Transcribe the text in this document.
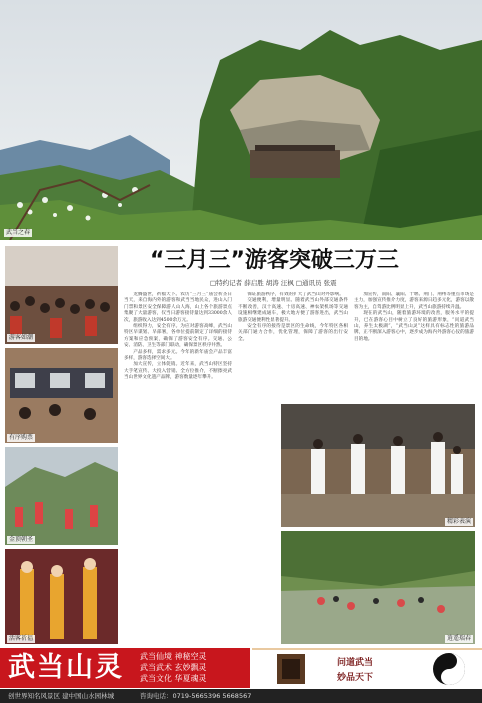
武当之春
游客如潮
有序购票
金顶朝圣
活客祈福
“三月三”游客突破三万三
□特约记者 薛启胜 胡涛 汪枫 □通讯员 张震

龙腾盛世，祈福天下。农历“三月三”庙会祈圣日当天，来自海内外的游客和武当当地民众，进山入门门票和景区安全保障游人山人海，山上各个旅游景点集聚了大量游客，仅当日游客接待量达到33000余人次，旅游收入达到4500余万元。

组织得力，安全有序。为应对游客高峰，武当山特区早谋划、早部署，各单位提前制定了详细的接待方案和应急预案，确保了游客安全有序。交通、公安、消防、卫生等部门联动，确保景区秩序井然。

产品多样，需求多元。今年的新年庙会产品丰富多样，游客选择空间大。

加大宣传，立体促销。近年来，武当山特区坚持大手笔宣传、大投入营销、全方位推介，不断擦亮武当山世界文化遗产品牌，游客数量逐年攀升。

保证旅游秩序，有效的扩大了武当山对外影响。

交通便利，增量明显。随着武当山外部交通条件不断改善，汉十高速、十房高速、神农架机场等交通设施相继建成通车，极大地方便了游客进出，武当山旅游交通便利性显著提升。

安全有序的接待是景区的生命线，今年特区各相关部门通力合作，优化管理，保障了游客的出行安全。

加宣传，南阳、襄阳、十堰、荆门、荆州等重点市场是主力，加强宣传推介力度，游客来源日趋多元化，游客以散客为主，自驾游比例明显上升，武当山旅游持续升温。

现在的武当山，随着旅游环境的改善，服务水平的提升，已在游客心目中树立了良好的旅游形象，“问道武当山，养生太极湖”，“武当山灵”这样具有标志性的旅游品牌，正不断深入游客心中，逐步成为海内外游客心仪的旅游目的地。

精彩表演
逍遥瑞春
武当山灵 武当仙境 神秘空灵
武当武术 玄妙飘灵
武当文化 华夏魂灵
问道武当
妙品天下
创世界知名风景区 建中国山水园林城	咨询电话：0719-5665396 5668567
